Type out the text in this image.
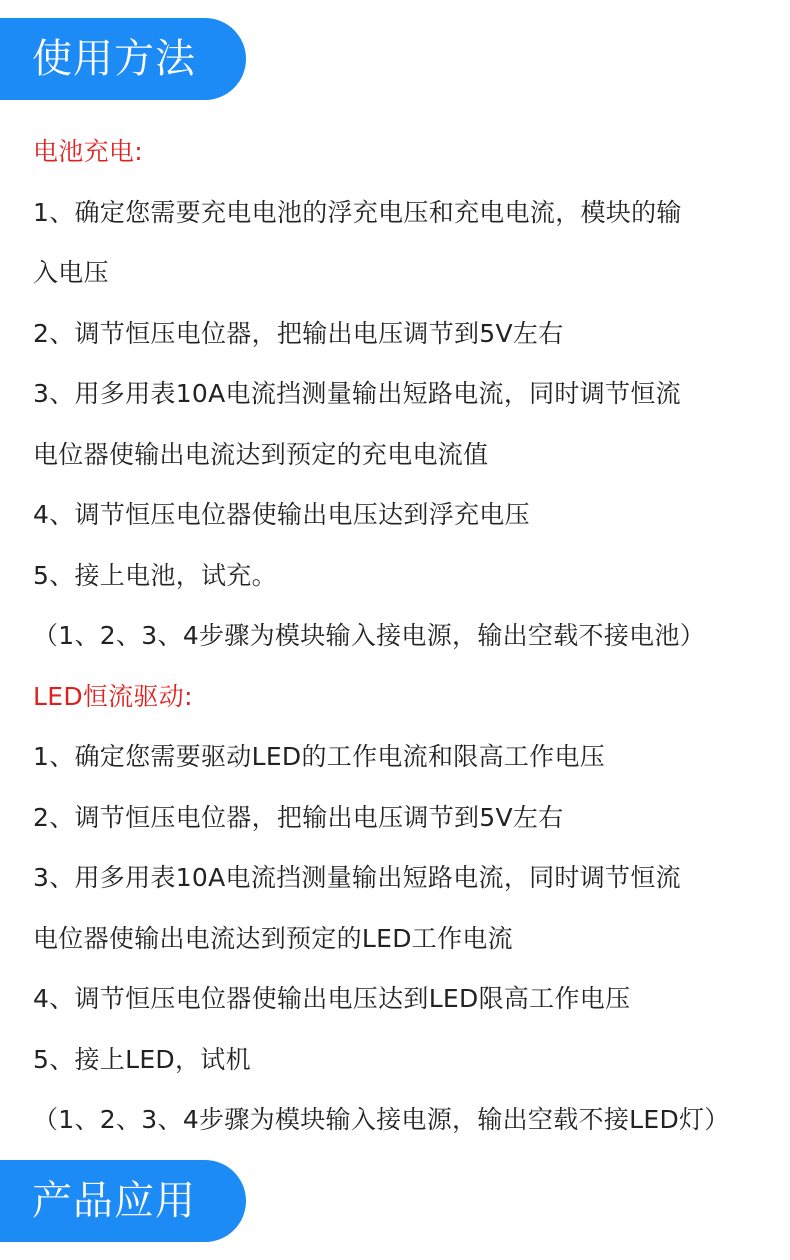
使用方法
电池充电:
1、确定您需要充电电池的浮充电压和充电电流，模块的输
入电压
2、调节恒压电位器，把输出电压调节到5V左右
3、用多用表10A电流挡测量输出短路电流，同时调节恒流
电位器使输出电流达到预定的充电电流值
4、调节恒压电位器使输出电压达到浮充电压
5、接上电池，试充。
（1、2、3、4步骤为模块输入接电源，输出空载不接电池）
LED恒流驱动:
1、确定您需要驱动LED的工作电流和限高工作电压
2、调节恒压电位器，把输出电压调节到5V左右
3、用多用表10A电流挡测量输出短路电流，同时调节恒流
电位器使输出电流达到预定的LED工作电流
4、调节恒压电位器使输出电压达到LED限高工作电压
5、接上LED，试机
（1、2、3、4步骤为模块输入接电源，输出空载不接LED灯）
产品应用
